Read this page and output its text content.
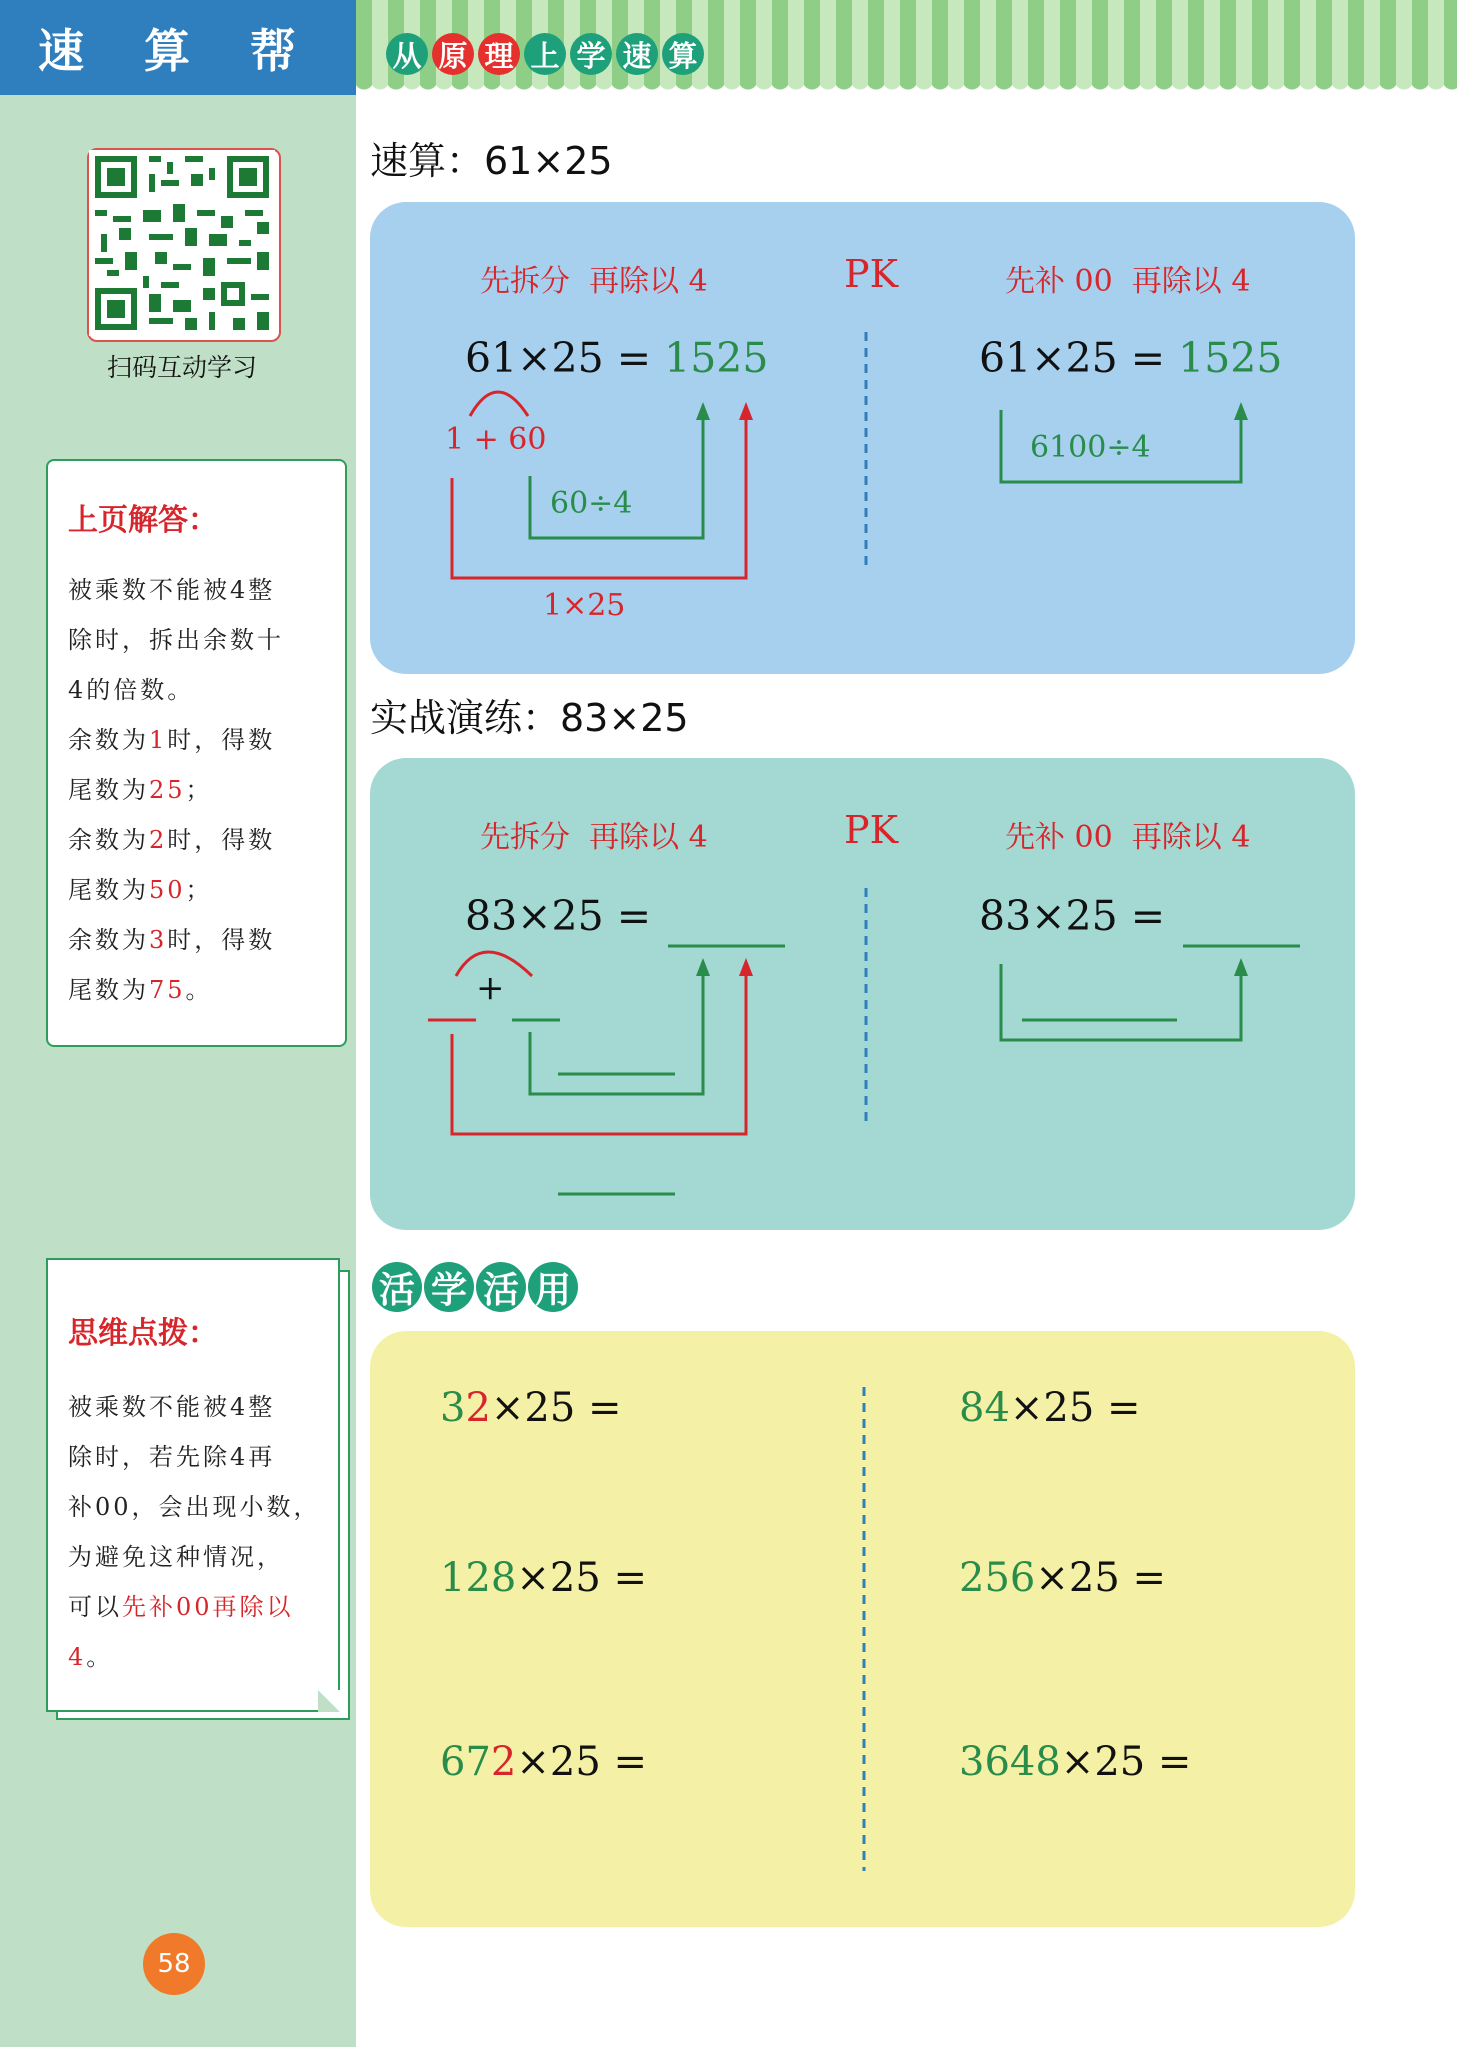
速 算 帮
扫码互动学习
上页解答：
被乘数不能被4整
除时，拆出余数十
4的倍数。
余数为1时，得数
尾数为25；
余数为2时，得数
尾数为50；
余数为3时，得数
尾数为75。
思维点拨：
被乘数不能被4整
除时，若先除4再
补00，会出现小数，
为避免这种情况，
可以先补00再除以
4。
58
从 原 理 上 学 速 算
速算：61×25
先拆分  再除以 4	PK	先补 00  再除以 4
61×25 = 1525	61×25 = 1525
1 + 60
60÷4
1×25
6100÷4
实战演练：83×25
先拆分  再除以 4	PK	先补 00  再除以 4
83×25 =	83×25 =
+
活 学 活 用
32×25 =	84×25 =
128×25 =	256×25 =
672×25 =	3648×25 =
